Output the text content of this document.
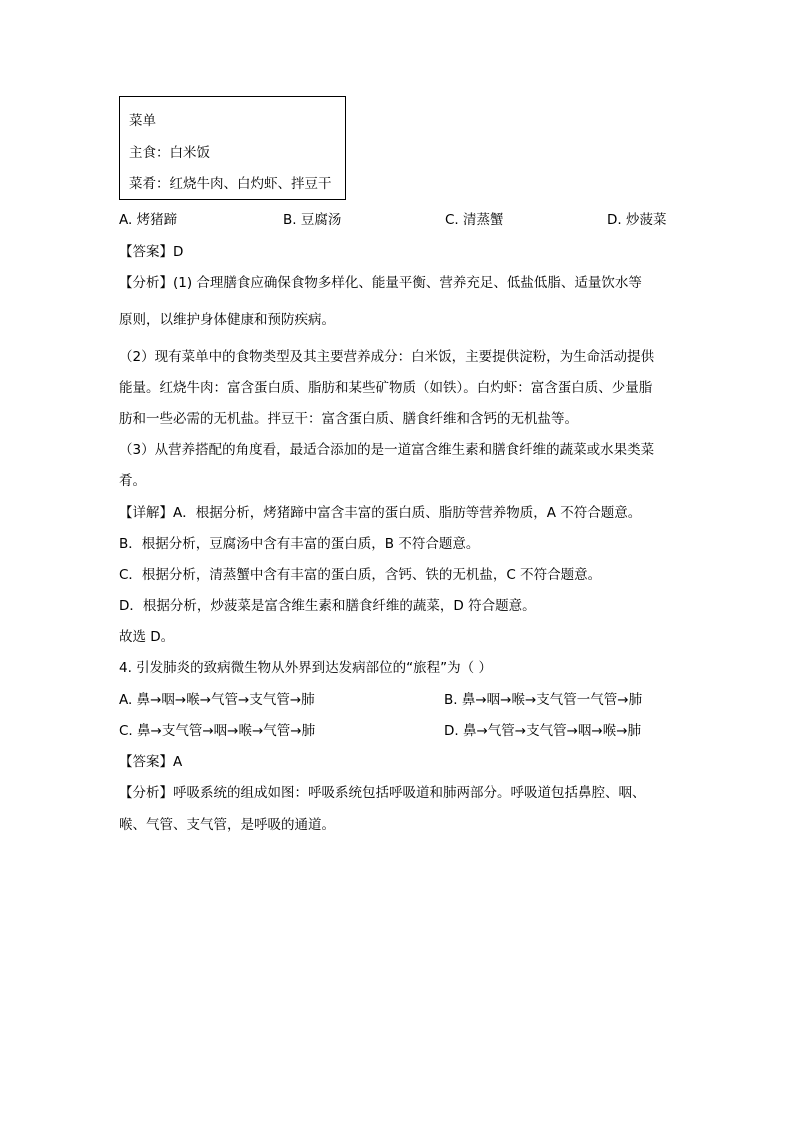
菜单
主食：白米饭
菜肴：红烧牛肉、白灼虾、拌豆干
A. 烤猪蹄	B. 豆腐汤	C. 清蒸蟹	D. 炒菠菜
【答案】D
【分析】(1) 合理膳食应确保食物多样化、能量平衡、营养充足、低盐低脂、适量饮水等
原则，以维护身体健康和预防疾病。
（2）现有菜单中的食物类型及其主要营养成分：白米饭，主要提供淀粉，为生命活动提供
能量。红烧牛肉：富含蛋白质、脂肪和某些矿物质（如铁）。白灼虾：富含蛋白质、少量脂
肪和一些必需的无机盐。拌豆干：富含蛋白质、膳食纤维和含钙的无机盐等。
（3）从营养搭配的角度看，最适合添加的是一道富含维生素和膳食纤维的蔬菜或水果类菜
肴。
【详解】A．根据分析，烤猪蹄中富含丰富的蛋白质、脂肪等营养物质，A 不符合题意。
B．根据分析，豆腐汤中含有丰富的蛋白质，B 不符合题意。
C．根据分析，清蒸蟹中含有丰富的蛋白质，含钙、铁的无机盐，C 不符合题意。
D．根据分析，炒菠菜是富含维生素和膳食纤维的蔬菜，D 符合题意。
故选 D。
4. 引发肺炎的致病微生物从外界到达发病部位的“旅程”为（ ）
A. 鼻→咽→喉→气管→支气管→肺	B. 鼻→咽→喉→支气管一气管→肺
C. 鼻→支气管→咽→喉→气管→肺	D. 鼻→气管→支气管→咽→喉→肺
【答案】A
【分析】呼吸系统的组成如图：呼吸系统包括呼吸道和肺两部分。呼吸道包括鼻腔、咽、
喉、气管、支气管，是呼吸的通道。
